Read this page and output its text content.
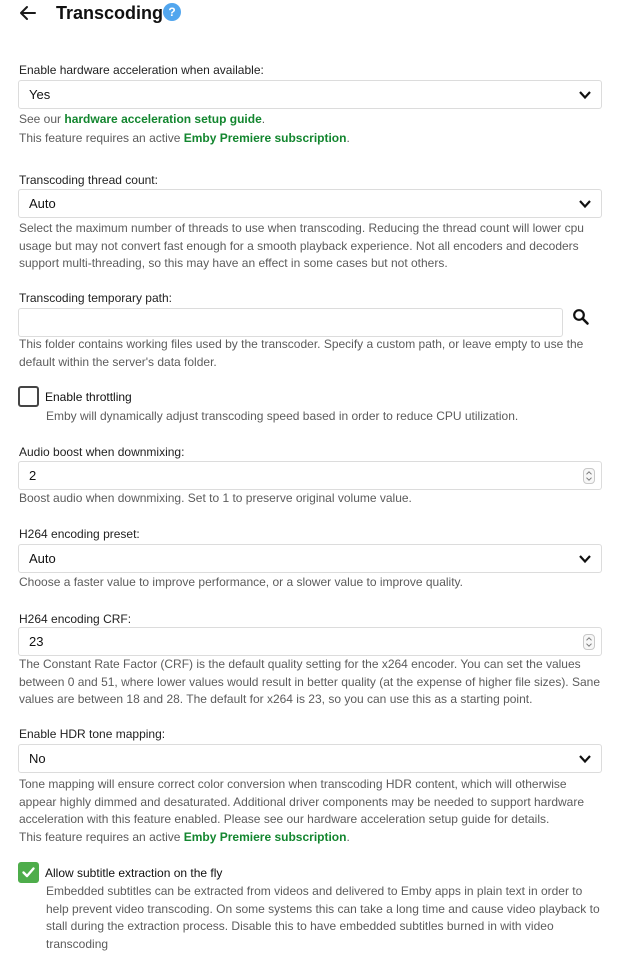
Transcoding ?
Enable hardware acceleration when available:
Yes
See our hardware acceleration setup guide.
This feature requires an active Emby Premiere subscription.
Transcoding thread count:
Auto
Select the maximum number of threads to use when transcoding. Reducing the thread count will lower cpu usage but may not convert fast enough for a smooth playback experience. Not all encoders and decoders support multi-threading, so this may have an effect in some cases but not others.
Transcoding temporary path:
This folder contains working files used by the transcoder. Specify a custom path, or leave empty to use the default within the server's data folder.
Enable throttling
Emby will dynamically adjust transcoding speed based in order to reduce CPU utilization.
Audio boost when downmixing:
2
Boost audio when downmixing. Set to 1 to preserve original volume value.
H264 encoding preset:
Auto
Choose a faster value to improve performance, or a slower value to improve quality.
H264 encoding CRF:
23
The Constant Rate Factor (CRF) is the default quality setting for the x264 encoder. You can set the values between 0 and 51, where lower values would result in better quality (at the expense of higher file sizes). Sane values are between 18 and 28. The default for x264 is 23, so you can use this as a starting point.
Enable HDR tone mapping:
No
Tone mapping will ensure correct color conversion when transcoding HDR content, which will otherwise appear highly dimmed and desaturated. Additional driver components may be needed to support hardware acceleration with this feature enabled. Please see our hardware acceleration setup guide for details.
This feature requires an active Emby Premiere subscription.
Allow subtitle extraction on the fly
Embedded subtitles can be extracted from videos and delivered to Emby apps in plain text in order to help prevent video transcoding. On some systems this can take a long time and cause video playback to stall during the extraction process. Disable this to have embedded subtitles burned in with video transcoding
